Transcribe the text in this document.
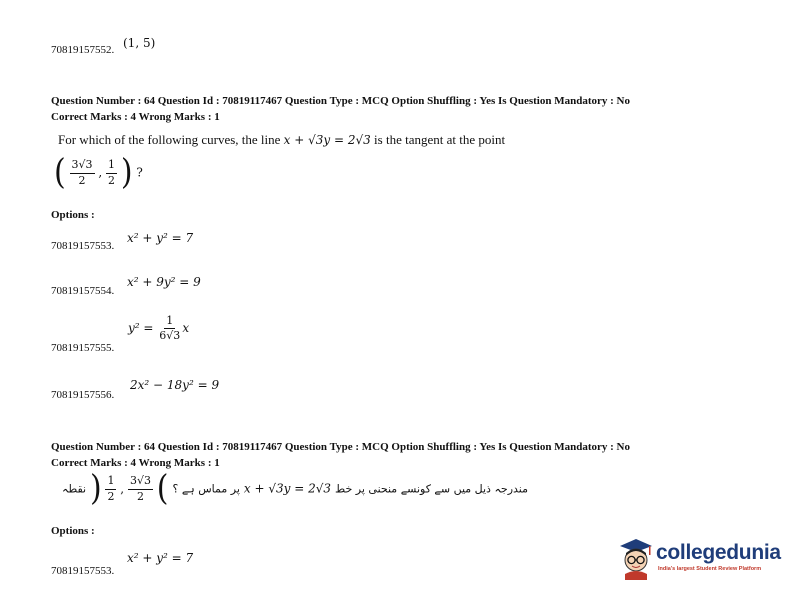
(1, 5)
70819157552.
Question Number : 64 Question Id : 70819117467 Question Type : MCQ Option Shuffling : Yes Is Question Mandatory : No
Correct Marks : 4 Wrong Marks : 1
For which of the following curves, the line x + √3y = 2√3 is the tangent at the point
( $\frac{3√3}{2}$ , $\frac{1}{2}$ ) ?
Options :
x² + y² = 7
70819157553.
x² + 9y² = 9
70819157554.
$y^2 = \frac{1}{6√3}$ x
70819157555.
2x² − 18y² = 9
70819157556.
Question Number : 64 Question Id : 70819117467 Question Type : MCQ Option Shuffling : Yes Is Question Mandatory : No
Correct Marks : 4 Wrong Marks : 1
پر مماس ہے ؟ (
$\frac{3√3}{2}$
,
$\frac{1}{2}$
) نقطہ	x + √3y = 2√3 مندرجہ ذیل میں سے کونسے منحنی پر خط
Options :
x² + y² = 7
70819157553.
collegedunia
India's largest Student Review Platform
